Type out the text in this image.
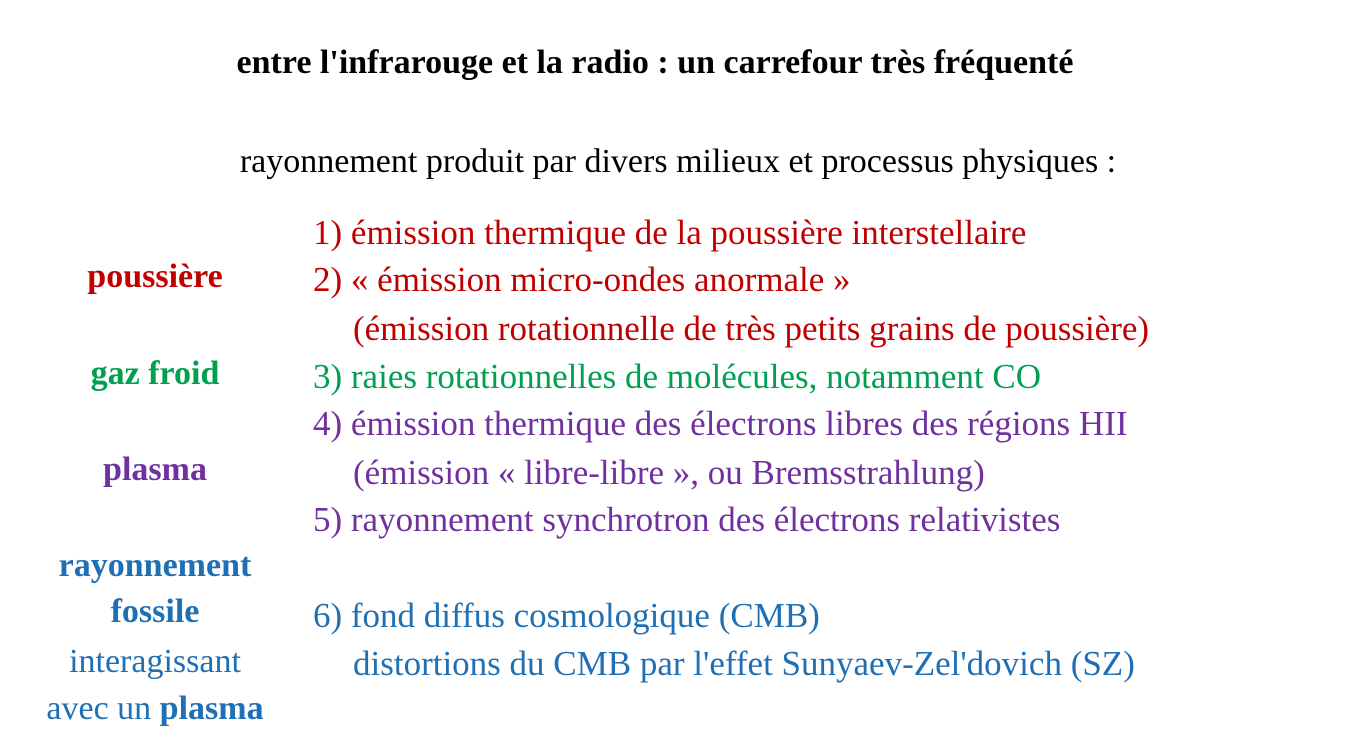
entre l'infrarouge et la radio : un carrefour très fréquenté
rayonnement produit par divers milieux et processus physiques :
poussière
gaz froid
plasma
rayonnement
fossile
interagissant
avec un plasma
1) émission thermique de la poussière interstellaire
2) « émission micro-ondes anormale »
(émission rotationnelle de très petits grains de poussière)
3) raies rotationnelles de molécules, notamment CO
4) émission thermique des électrons libres des régions HII
(émission « libre-libre », ou Bremsstrahlung)
5) rayonnement synchrotron des électrons relativistes
6) fond diffus cosmologique (CMB)
distortions du CMB par l'effet Sunyaev-Zel'dovich (SZ)
